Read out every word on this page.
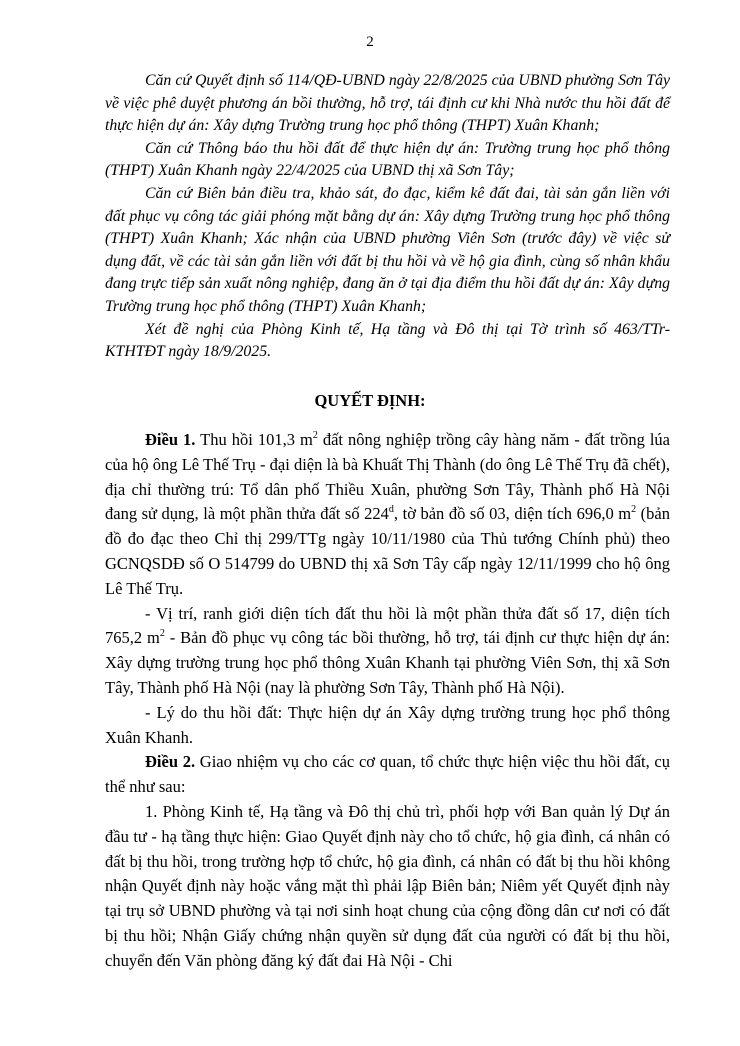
2

Căn cứ Quyết định số 114/QĐ-UBND ngày 22/8/2025 của UBND phường Sơn Tây về việc phê duyệt phương án bồi thường, hỗ trợ, tái định cư khi Nhà nước thu hồi đất để thực hiện dự án: Xây dựng Trường trung học phổ thông (THPT) Xuân Khanh;

Căn cứ Thông báo thu hồi đất để thực hiện dự án: Trường trung học phổ thông (THPT) Xuân Khanh ngày 22/4/2025 của UBND thị xã Sơn Tây;

Căn cứ Biên bản điều tra, khảo sát, đo đạc, kiểm kê đất đai, tài sản gắn liền với đất phục vụ công tác giải phóng mặt bằng dự án: Xây dựng Trường trung học phổ thông (THPT) Xuân Khanh; Xác nhận của UBND phường Viên Sơn (trước đây) về việc sử dụng đất, về các tài sản gắn liền với đất bị thu hồi và về hộ gia đình, cùng số nhân khẩu đang trực tiếp sản xuất nông nghiệp, đang ăn ở tại địa điểm thu hồi đất dự án: Xây dựng Trường trung học phổ thông (THPT) Xuân Khanh;

Xét đề nghị của Phòng Kinh tế, Hạ tầng và Đô thị tại Tờ trình số 463/TTr-KTHTĐT ngày 18/9/2025.

QUYẾT ĐỊNH:

Điều 1. Thu hồi 101,3 $m^2$ đất nông nghiệp trồng cây hàng năm - đất trồng lúa của hộ ông Lê Thế Trụ - đại diện là bà Khuất Thị Thành (do ông Lê Thế Trụ đã chết), địa chỉ thường trú: Tổ dân phố Thiều Xuân, phường Sơn Tây, Thành phố Hà Nội đang sử dụng, là một phần thửa đất số 224$^d$, tờ bản đồ số 03, diện tích 696,0 $m^2$ (bản đồ đo đạc theo Chỉ thị 299/TTg ngày 10/11/1980 của Thủ tướng Chính phủ) theo GCNQSDĐ số O 514799 do UBND thị xã Sơn Tây cấp ngày 12/11/1999 cho hộ ông Lê Thế Trụ.

- Vị trí, ranh giới diện tích đất thu hồi là một phần thửa đất số 17, diện tích 765,2 $m^2$ - Bản đồ phục vụ công tác bồi thường, hỗ trợ, tái định cư thực hiện dự án: Xây dựng trường trung học phổ thông Xuân Khanh tại phường Viên Sơn, thị xã Sơn Tây, Thành phố Hà Nội (nay là phường Sơn Tây, Thành phố Hà Nội).

- Lý do thu hồi đất: Thực hiện dự án Xây dựng trường trung học phổ thông Xuân Khanh.

Điều 2. Giao nhiệm vụ cho các cơ quan, tổ chức thực hiện việc thu hồi đất, cụ thể như sau:

1. Phòng Kinh tế, Hạ tầng và Đô thị chủ trì, phối hợp với Ban quản lý Dự án đầu tư - hạ tầng thực hiện: Giao Quyết định này cho tổ chức, hộ gia đình, cá nhân có đất bị thu hồi, trong trường hợp tổ chức, hộ gia đình, cá nhân có đất bị thu hồi không nhận Quyết định này hoặc vắng mặt thì phải lập Biên bản; Niêm yết Quyết định này tại trụ sở UBND phường và tại nơi sinh hoạt chung của cộng đồng dân cư nơi có đất bị thu hồi; Nhận Giấy chứng nhận quyền sử dụng đất của người có đất bị thu hồi, chuyển đến Văn phòng đăng ký đất đai Hà Nội - Chi
